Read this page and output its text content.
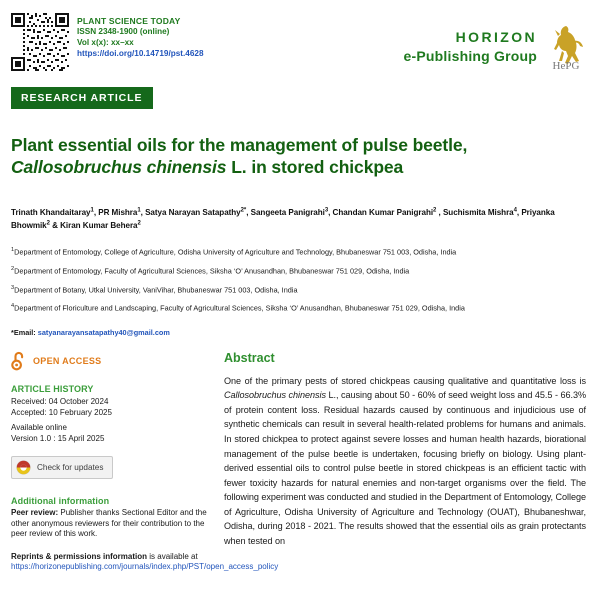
PLANT SCIENCE TODAY
ISSN 2348-1900 (online)
Vol x(x): xx–xx
https://doi.org/10.14719/pst.4628
HORIZON
e-Publishing Group
HePG
RESEARCH ARTICLE
Plant essential oils for the management of pulse beetle,
Callosobruchus chinensis L. in stored chickpea
Trinath Khandaitaray$^1$, PR Mishra$^1$, Satya Narayan Satapathy$^{2*}$, Sangeeta Panigrahi$^3$, Chandan Kumar Panigrahi$^2$ , Suchismita Mishra$^4$, Priyanka Bhowmik$^2$ & Kiran Kumar Behera$^2$
$^1$Department of Entomology, College of Agriculture, Odisha University of Agriculture and Technology, Bhubaneswar 751 003, Odisha, India
$^2$Department of Entomology, Faculty of Agricultural Sciences, Siksha ‘O’ Anusandhan, Bhubaneswar 751 029, Odisha, India
$^3$Department of Botany, Utkal University, VaniVihar, Bhubaneswar 751 003, Odisha, India
$^4$Department of Floriculture and Landscaping, Faculty of Agricultural Sciences, Siksha ‘O’ Anusandhan, Bhubaneswar 751 029, Odisha, India
*Email: satyanarayansatapathy40@gmail.com
OPEN ACCESS
ARTICLE HISTORY
Received: 04 October 2024
Accepted: 10 February 2025
Available online
Version 1.0 : 15 April 2025
Check for updates
Additional information
Peer review: Publisher thanks Sectional Editor and the other anonymous reviewers for their contribution to the peer review of this work.
Reprints & permissions information is available at https://horizonepublishing.com/journals/index.php/PST/open_access_policy
Abstract
One of the primary pests of stored chickpeas causing qualitative and quantitative loss is Callosobruchus chinensis L., causing about 50 - 60% of seed weight loss and 45.5 - 66.3% of protein content loss. Residual hazards caused by continuous and injudicious use of synthetic chemicals can result in several health-related problems for humans and animals. In stored chickpea to protect against severe losses and human health hazards, biorational management of the pulse beetle is undertaken, focusing briefly on biology. Using plant-derived essential oils to control pulse beetle in stored chickpeas is an efficient tactic with fewer toxicity hazards for natural enemies and non-target organisms over the field. The following experiment was conducted and studied in the Department of Entomology, College of Agriculture, Odisha University of Agriculture and Technology (OUAT), Bhubaneshwar, Odisha, during 2018 - 2021. The results showed that the essential oils as grain protectants when tested on
